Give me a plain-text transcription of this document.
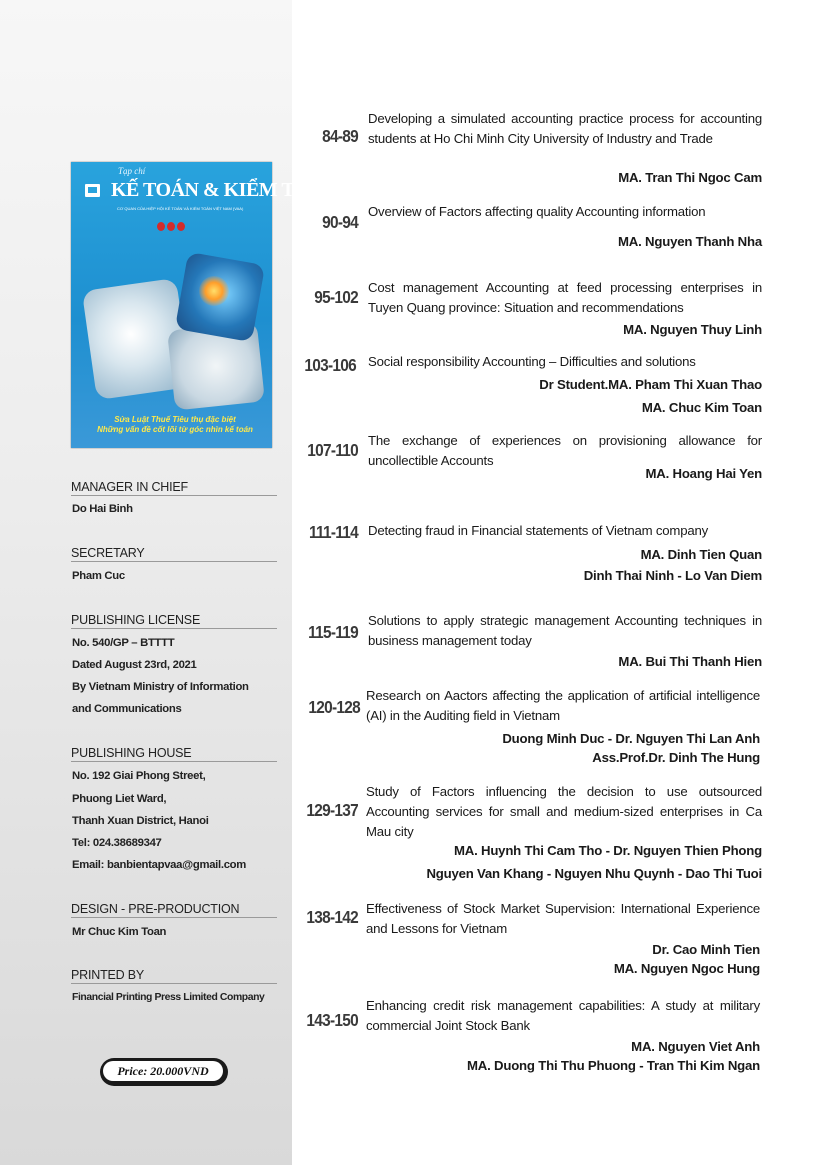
Tạp chí
KẾ TOÁN & KIỂM TOÁN
CƠ QUAN CỦA HIỆP HỘI KẾ TOÁN VÀ KIỂM TOÁN VIỆT NAM (VAA)
Sửa Luật Thuế Tiêu thụ đặc biệt
Những vấn đề cốt lõi từ góc nhìn kế toán
MANAGER IN CHIEF
Do Hai Binh
SECRETARY
Pham Cuc
PUBLISHING LICENSE
No. 540/GP – BTTTT
Dated August 23rd, 2021
By Vietnam Ministry of Information
and Communications
PUBLISHING HOUSE
No. 192 Giai Phong Street,
Phuong Liet Ward,
Thanh Xuan District, Hanoi
Tel: 024.38689347
Email: banbientapvaa@gmail.com
DESIGN - PRE-PRODUCTION
Mr Chuc Kim Toan
PRINTED BY
Financial Printing Press Limited Company
Price: 20.000VND
84-89
Developing a simulated accounting practice process for accounting students at Ho Chi Minh City University of Industry and Trade
MA. Tran Thi Ngoc Cam
90-94
Overview of Factors affecting quality Accounting information
MA. Nguyen Thanh Nha
95-102 Cost management Accounting at feed processing enterprises in Tuyen Quang province: Situation and recommendations
MA. Nguyen Thuy Linh
103-106 Social responsibility Accounting – Difficulties and solutions
Dr Student.MA. Pham Thi Xuan Thao
MA. Chuc Kim Toan
107-110 The exchange of experiences on provisioning allowance for uncollectible Accounts
MA. Hoang Hai Yen
111-114 Detecting fraud in Financial statements of Vietnam company
MA. Dinh Tien Quan
Dinh Thai Ninh - Lo Van Diem
115-119
Solutions to apply strategic management Accounting techniques in business management today
MA. Bui Thi Thanh Hien
120-128
Research on Aactors affecting the application of artificial intelligence (AI) in the Auditing field in Vietnam
Duong Minh Duc - Dr. Nguyen Thi Lan Anh
Ass.Prof.Dr. Dinh The Hung
129-137
Study of Factors influencing the decision to use outsourced Accounting services for small and medium-sized enterprises in Ca Mau city
MA. Huynh Thi Cam Tho - Dr. Nguyen Thien Phong
Nguyen Van Khang - Nguyen Nhu Quynh - Dao Thi Tuoi
138-142 Effectiveness of Stock Market Supervision: International Experience and Lessons for Vietnam
Dr. Cao Minh Tien
MA. Nguyen Ngoc Hung
143-150
Enhancing credit risk management capabilities: A study at military commercial Joint Stock Bank
MA. Nguyen Viet Anh
MA. Duong Thi Thu Phuong - Tran Thi Kim Ngan
